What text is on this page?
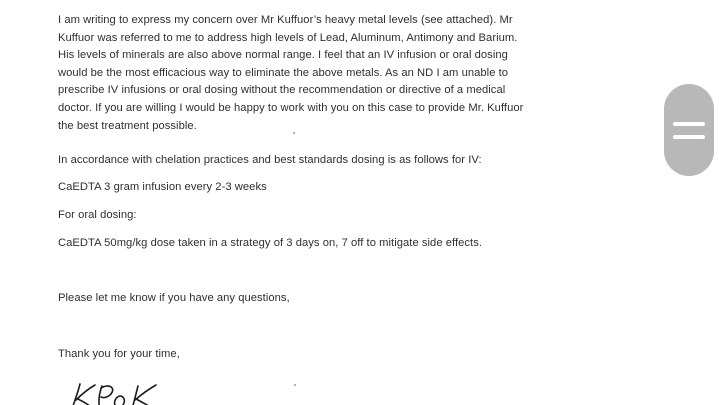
I am writing to express my concern over Mr Kuffuor’s heavy metal levels (see attached). Mr
Kuffuor was referred to me to address high levels of Lead, Aluminum, Antimony and Barium.
His levels of minerals are also above normal range. I feel that an IV infusion or oral dosing
would be the most efficacious way to eliminate the above metals. As an ND I am unable to
prescribe IV infusions or oral dosing without the recommendation or directive of a medical
doctor. If you are willing I would be happy to work with you on this case to provide Mr. Kuffuor
the best treatment possible.

In accordance with chelation practices and best standards dosing is as follows for IV:

CaEDTA 3 gram infusion every 2-3 weeks

For oral dosing:

CaEDTA 50mg/kg dose taken in a strategy of 3 days on, 7 off to mitigate side effects.

Please let me know if you have any questions,

Thank you for your time,
